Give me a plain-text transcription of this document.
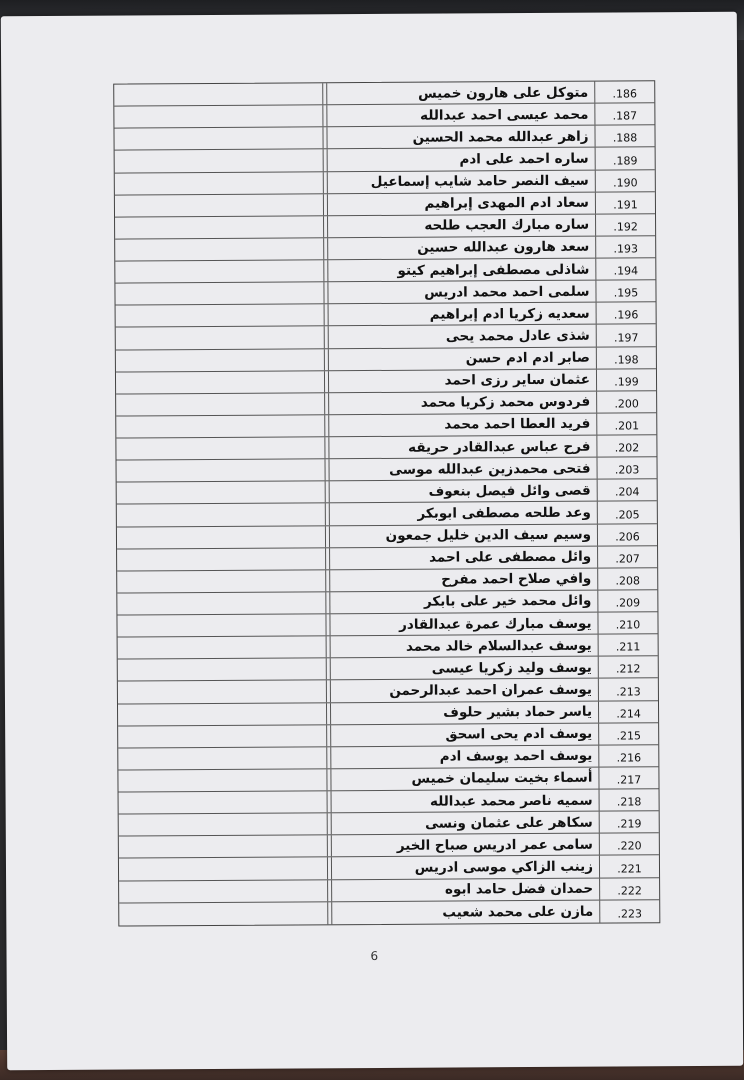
.186
متوكل على هارون خميس
.187
محمد عيسى احمد عبدالله
.188
زاهر عبدالله محمد الحسين
.189
ساره احمد على ادم
.190
سيف النصر حامد شايب إسماعيل
.191
سعاد ادم المهدى إبراهيم
.192
ساره مبارك العجب طلحه
.193
سعد هارون عبدالله حسين
.194
شاذلى مصطفى إبراهيم كيتو
.195
سلمى احمد محمد ادريس
.196
سعديه زكريا ادم إبراهيم
.197
شذى عادل محمد يحى
.198
صابر ادم ادم حسن
.199
عثمان ساير رزى احمد
.200
فردوس محمد زكريا محمد
.201
فريد العطا احمد محمد
.202
فرح عباس عبدالقادر حريقه
.203
فتحى محمدزين عبدالله موسى
.204
قصى وائل فيصل بنعوف
.205
وعد طلحه مصطفى ابوبكر
.206
وسيم سيف الدين خليل جمعون
.207
وائل مصطفى على احمد
.208
وافي صلاح احمد مفرح
.209
وائل محمد خير على بابكر
.210
يوسف مبارك عمرة عبدالقادر
.211
يوسف عبدالسلام خالد محمد
.212
يوسف وليد زكريا عيسى
.213
يوسف عمران احمد عبدالرحمن
.214
ياسر حماد بشير حلوف
.215
يوسف ادم يحى اسحق
.216
يوسف احمد يوسف ادم
.217
أسماء بخيت سليمان خميس
.218
سميه ناصر محمد عبدالله
.219
سكاهر على عثمان ونسى
.220
سامى عمر ادريس صباح الخير
.221
زينب الزاكي موسى ادريس
.222
حمدان فضل حامد ابوه
.223
مازن على محمد شعيب
6
